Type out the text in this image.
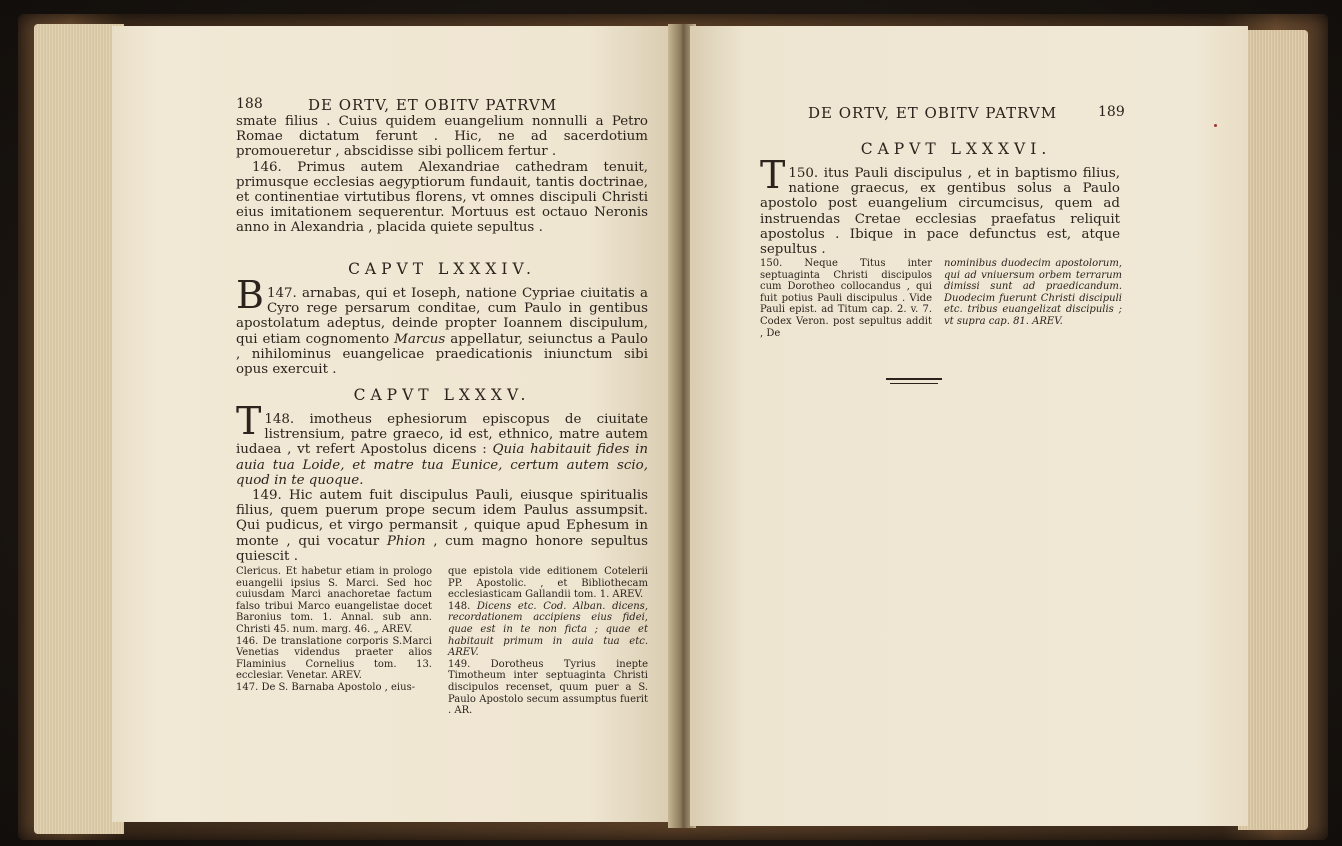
188	DE ORTV, ET OBITV PATRVM

smate filius . Cuius quidem euangelium nonnulli a Petro Romae dictatum ferunt . Hic, ne ad sacerdotium promoueretur , abscidisse sibi pollicem fertur .

146. Primus autem Alexandriae cathedram tenuit, primusque ecclesias aegyptiorum fundauit, tantis doctrinae, et continentiae virtutibus florens, vt omnes discipuli Christi eius imitationem sequerentur. Mortuus est octauo Neronis anno in Alexandria , placida quiete sepultus .

CAPVT LXXXIV.

147.
B	arnabas, qui et Ioseph, natione Cypriae ciuitatis a Cyro rege persarum conditae, cum Paulo in gentibus apostolatum adeptus, deinde propter Ioannem discipulum, qui etiam cognomento Marcus appellatur, seiunctus a Paulo , nihilominus euangelicae praedicationis iniunctum sibi opus exercuit .

CAPVT LXXXV.

148.
T	imotheus ephesiorum episcopus de ciuitate listrensium, patre graeco, id est, ethnico, matre autem iudaea , vt refert Apostolus dicens : Quia habitauit fides in auia tua Loide, et matre tua Eunice, certum autem scio, quod in te quoque.

149. Hic autem fuit discipulus Pauli, eiusque spiritualis filius, quem puerum prope secum idem Paulus assumpsit. Qui pudicus, et virgo permansit , quique apud Ephesum in monte , qui vocatur Phion , cum magno honore sepultus quiescit .

Clericus. Et habetur etiam in prologo euangelii ipsius S. Marci. Sed hoc cuiusdam Marci anachoretae factum falso tribui Marco euangelistae docet Baronius tom. 1. Annal. sub ann. Christi 45. num. marg. 46. „ AREV.

146. De translatione corporis S.Marci Venetias videndus praeter alios Flaminius Cornelius tom. 13. ecclesiar. Venetar. AREV.

147. De S. Barnaba Apostolo , eius-

que epistola vide editionem Cotelerii PP. Apostolic. , et Bibliothecam ecclesiasticam Gallandii tom. 1. AREV.

148. Dicens etc. Cod. Alban. dicens, recordationem accipiens eius fidei, quae est in te non ficta ; quae et habitauit primum in auia tua etc. AREV.

149. Dorotheus Tyrius inepte Timotheum inter septuaginta Christi discipulos recenset, quum puer a S. Paulo Apostolo secum assumptus fuerit . AR.

DE ORTV, ET OBITV PATRVM	189
CAPVT LXXXVI.

150.
T	itus Pauli discipulus , et in baptismo filius, natione graecus, ex gentibus solus a Paulo apostolo post euangelium circumcisus, quem ad instruendas Cretae ecclesias praefatus reliquit apostolus . Ibique in pace defunctus est, atque sepultus .

150. Neque Titus inter septuaginta Christi discipulos cum Dorotheo collocandus , qui fuit potius Pauli discipulus . Vide Pauli epist. ad Titum cap. 2. v. 7. Codex Veron. post sepultus addit , De

nominibus duodecim apostolorum, qui ad vniuersum orbem terrarum dimissi sunt ad praedicandum. Duodecim fuerunt Christi discipuli etc. tribus euangelizat discipulis ; vt supra cap. 81. AREV.
